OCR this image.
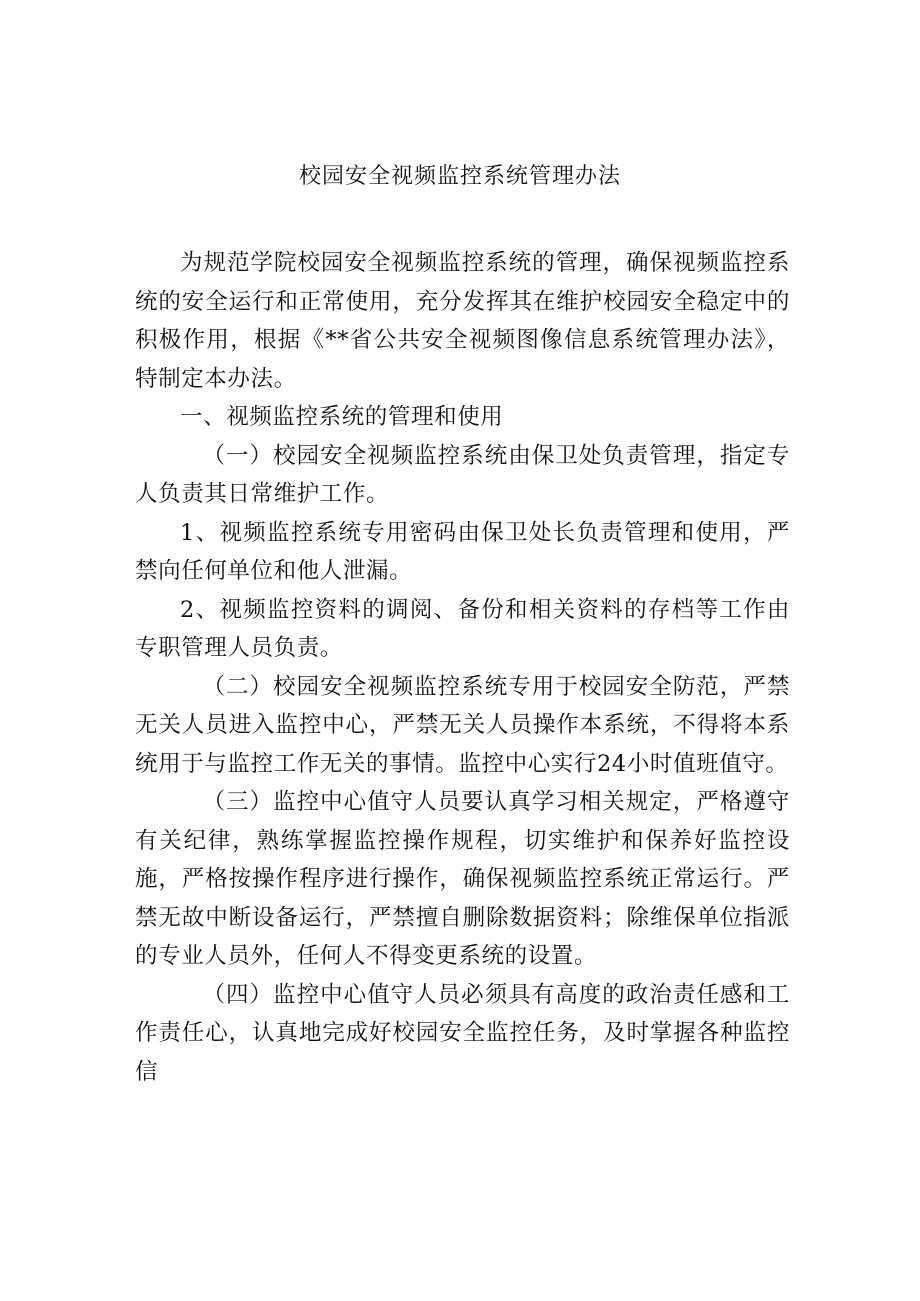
校园安全视频监控系统管理办法

为规范学院校园安全视频监控系统的管理，确保视频监控系统的安全运行和正常使用，充分发挥其在维护校园安全稳定中的积极作用，根据《**省公共安全视频图像信息系统管理办法》，特制定本办法。

一、视频监控系统的管理和使用

（一）校园安全视频监控系统由保卫处负责管理，指定专人负责其日常维护工作。

1、视频监控系统专用密码由保卫处长负责管理和使用，严禁向任何单位和他人泄漏。

2、视频监控资料的调阅、备份和相关资料的存档等工作由专职管理人员负责。

（二）校园安全视频监控系统专用于校园安全防范，严禁无关人员进入监控中心，严禁无关人员操作本系统，不得将本系统用于与监控工作无关的事情。监控中心实行24小时值班值守。

（三）监控中心值守人员要认真学习相关规定，严格遵守有关纪律，熟练掌握监控操作规程，切实维护和保养好监控设施，严格按操作程序进行操作，确保视频监控系统正常运行。严禁无故中断设备运行，严禁擅自删除数据资料；除维保单位指派的专业人员外，任何人不得变更系统的设置。

（四）监控中心值守人员必须具有高度的政治责任感和工作责任心，认真地完成好校园安全监控任务，及时掌握各种监控信
